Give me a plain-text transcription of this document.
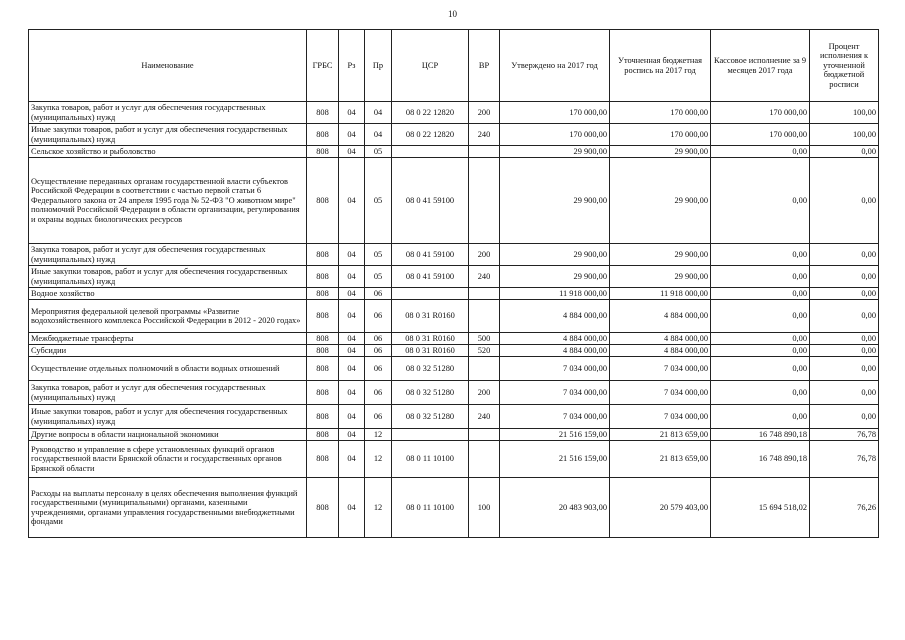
10
Наименование	ГРБС	Рз	Пр	ЦСР	ВР	Утверждено на 2017 год	Уточненная бюджетная роспись на 2017 год	Кассовое исполнение за 9 месяцев 2017 года	Процент исполнения к уточненной бюджетной росписи
Закупка товаров, работ и услуг для обеспечения государственных (муниципальных) нужд	808	04	04	08 0 22 12820	200	170 000,00	170 000,00	170 000,00	100,00
Иные закупки товаров, работ и услуг для обеспечения государственных (муниципальных) нужд	808	04	04	08 0 22 12820	240	170 000,00	170 000,00	170 000,00	100,00
Сельское хозяйство и рыболовство	808	04	05			29 900,00	29 900,00	0,00	0,00
Осуществление переданных органам государственной власти субъектов Российской Федерации в соответствии с частью первой статьи 6 Федерального закона от 24 апреля 1995 года № 52-ФЗ "О животном мире" полномочий Российской Федерации в области организации, регулирования и охраны водных биологических ресурсов	808	04	05	08 0 41 59100		29 900,00	29 900,00	0,00	0,00
Закупка товаров, работ и услуг для обеспечения государственных (муниципальных) нужд	808	04	05	08 0 41 59100	200	29 900,00	29 900,00	0,00	0,00
Иные закупки товаров, работ и услуг для обеспечения государственных (муниципальных) нужд	808	04	05	08 0 41 59100	240	29 900,00	29 900,00	0,00	0,00
Водное хозяйство	808	04	06			11 918 000,00	11 918 000,00	0,00	0,00
Мероприятия федеральной целевой программы «Развитие водохозяйственного комплекса Российской Федерации в 2012 - 2020 годах»	808	04	06	08 0 31 R0160		4 884 000,00	4 884 000,00	0,00	0,00
Межбюджетные трансферты	808	04	06	08 0 31 R0160	500	4 884 000,00	4 884 000,00	0,00	0,00
Субсидии	808	04	06	08 0 31 R0160	520	4 884 000,00	4 884 000,00	0,00	0,00
Осуществление отдельных полномочий в области водных отношений	808	04	06	08 0 32 51280		7 034 000,00	7 034 000,00	0,00	0,00
Закупка товаров, работ и услуг для обеспечения государственных (муниципальных) нужд	808	04	06	08 0 32 51280	200	7 034 000,00	7 034 000,00	0,00	0,00
Иные закупки товаров, работ и услуг для обеспечения государственных (муниципальных) нужд	808	04	06	08 0 32 51280	240	7 034 000,00	7 034 000,00	0,00	0,00
Другие вопросы в области национальной экономики	808	04	12			21 516 159,00	21 813 659,00	16 748 890,18	76,78
Руководство и управление в сфере установленных функций органов государственной власти Брянской области и государственных органов Брянской области	808	04	12	08 0 11 10100		21 516 159,00	21 813 659,00	16 748 890,18	76,78
Расходы на выплаты персоналу в целях обеспечения выполнения функций государственными (муниципальными) органами, казенными учреждениями, органами управления государственными внебюджетными фондами	808	04	12	08 0 11 10100	100	20 483 903,00	20 579 403,00	15 694 518,02	76,26
